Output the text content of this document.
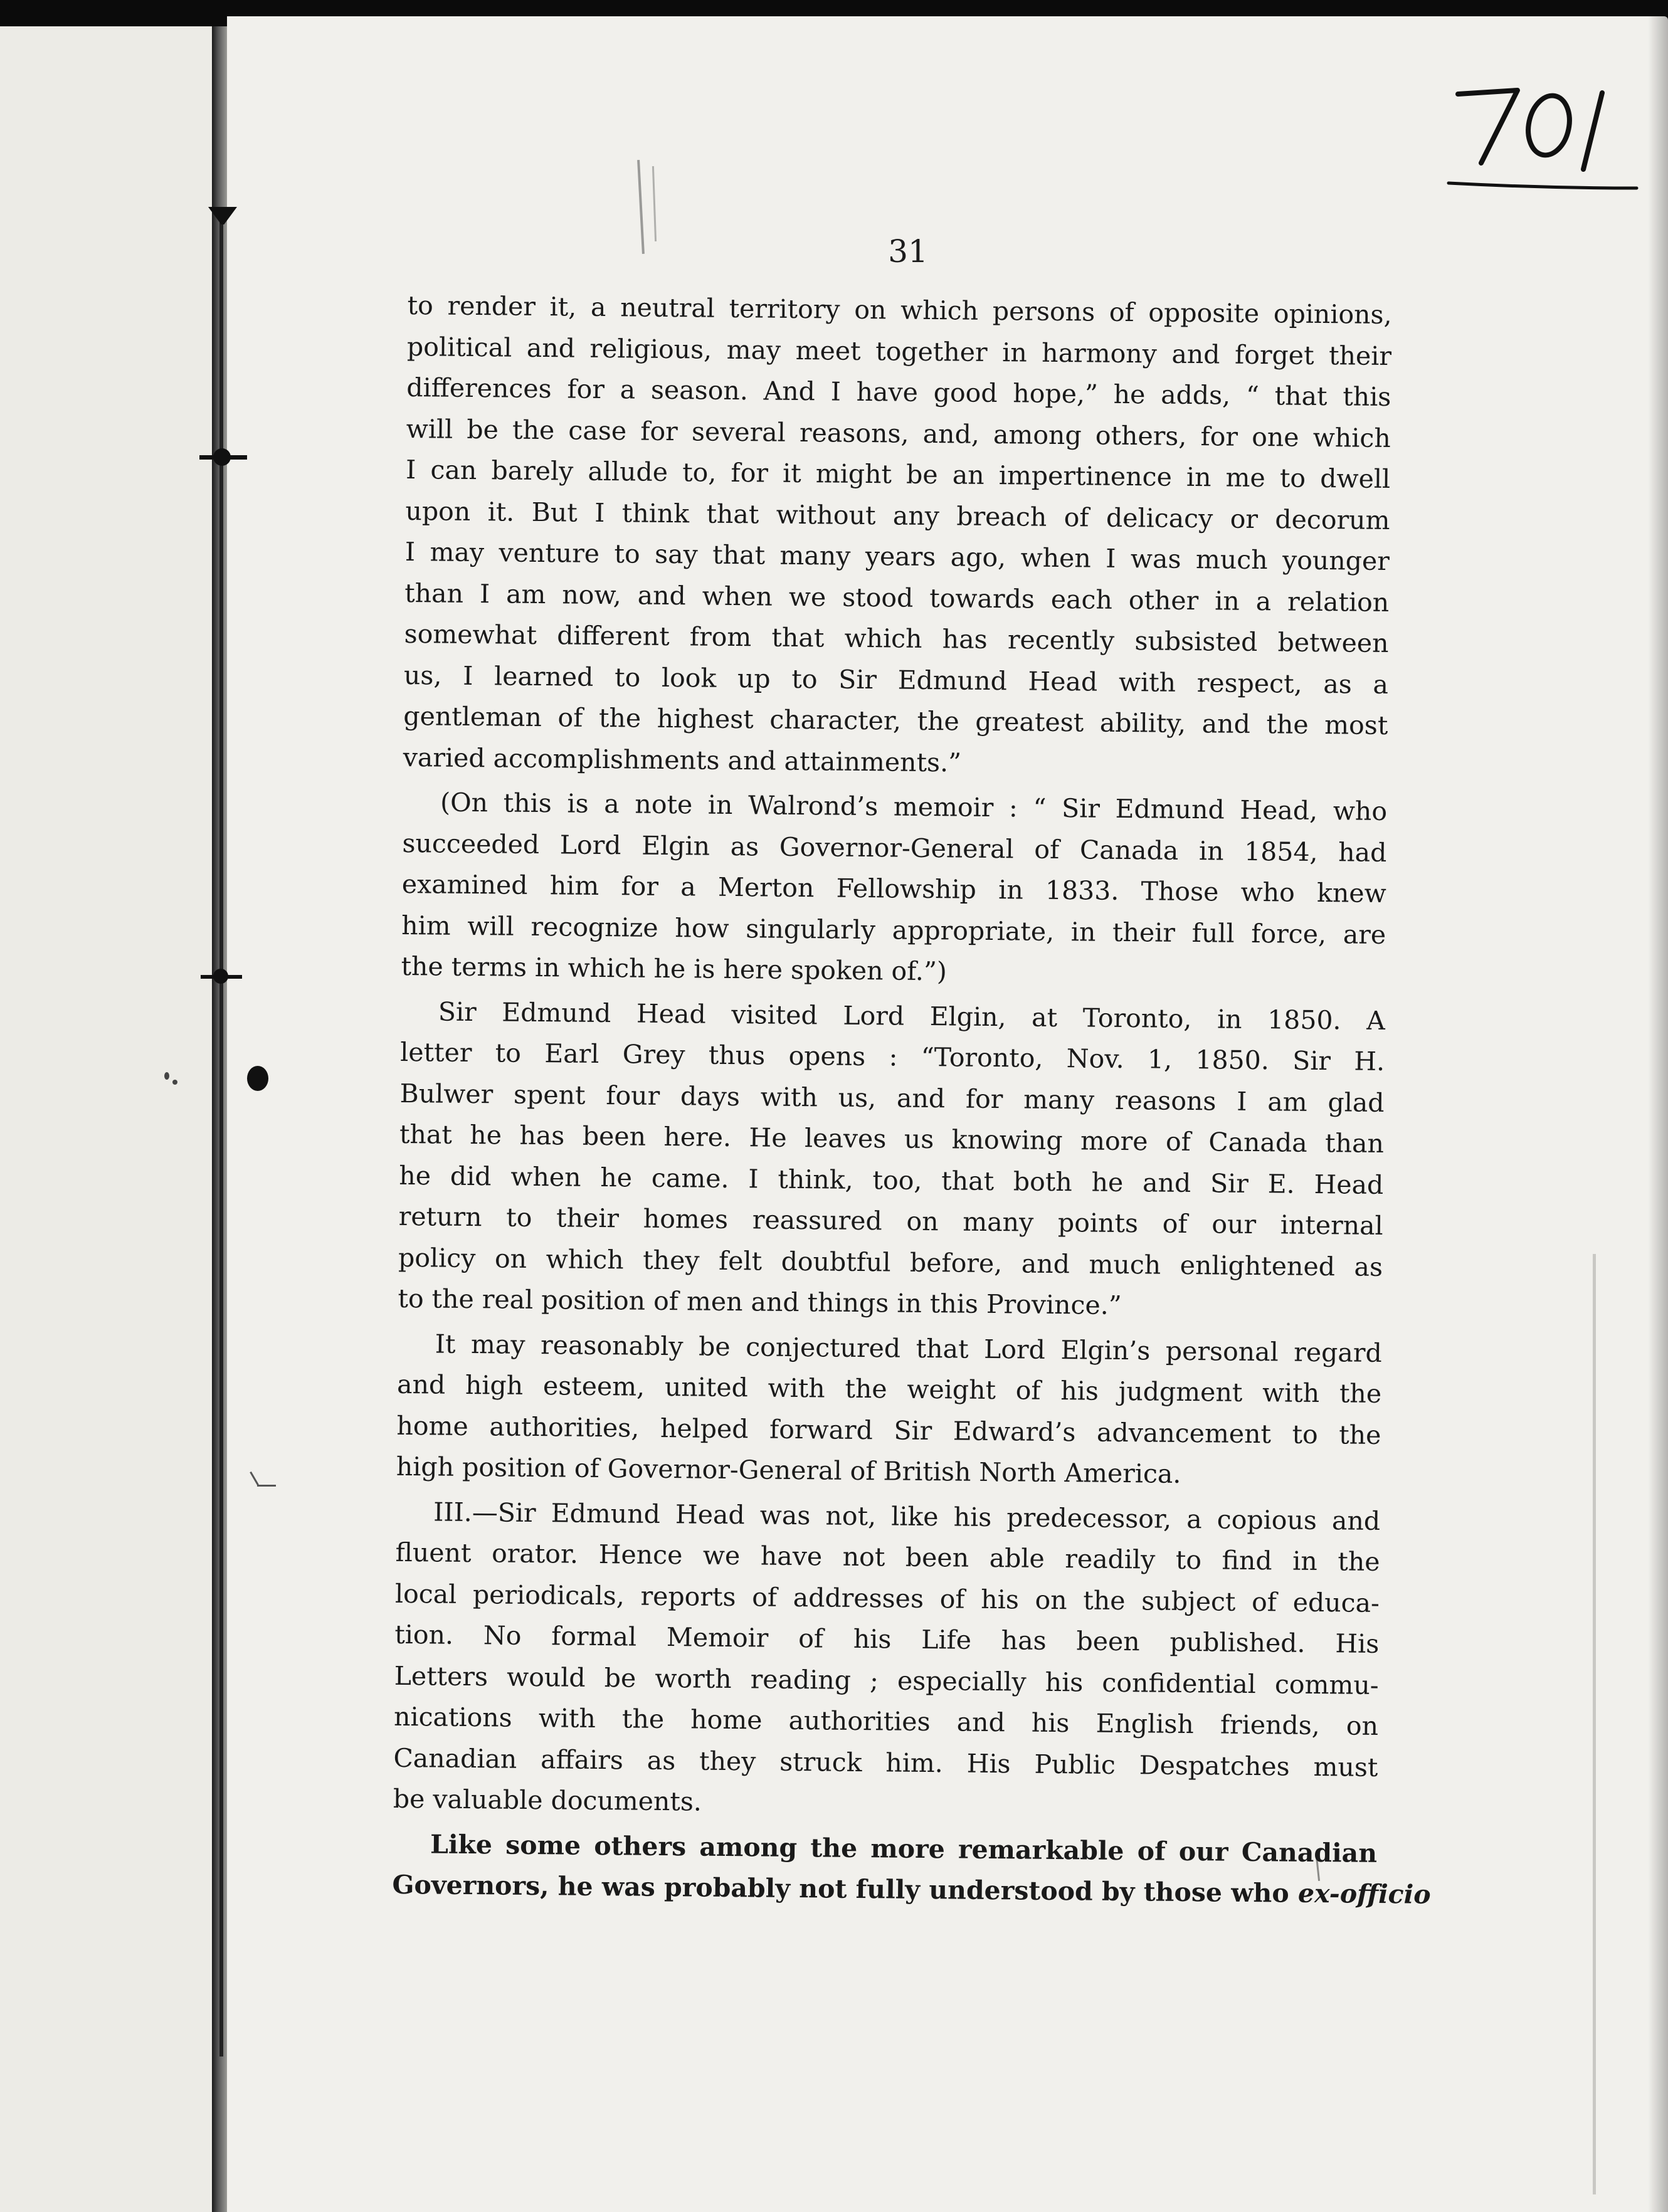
31

to render it, a neutral territory on which persons of opposite opinions,
political and religious, may meet together in harmony and forget their
differences for a season. And I have good hope,” he adds, “ that this
will be the case for several reasons, and, among others, for one which
I can barely allude to, for it might be an impertinence in me to dwell
upon it. But I think that without any breach of delicacy or decorum
I may venture to say that many years ago, when I was much younger
than I am now, and when we stood towards each other in a relation
somewhat different from that which has recently subsisted between
us, I learned to look up to Sir Edmund Head with respect, as a
gentleman of the highest character, the greatest ability, and the most
varied accomplishments and attainments.”

(On this is a note in Walrond’s memoir : “ Sir Edmund Head, who
succeeded Lord Elgin as Governor-General of Canada in 1854, had
examined him for a Merton Fellowship in 1833. Those who knew
him will recognize how singularly appropriate, in their full force, are
the terms in which he is here spoken of.”)

Sir Edmund Head visited Lord Elgin, at Toronto, in 1850. A
letter to Earl Grey thus opens : “Toronto, Nov. 1, 1850. Sir H.
Bulwer spent four days with us, and for many reasons I am glad
that he has been here. He leaves us knowing more of Canada than
he did when he came. I think, too, that both he and Sir E. Head
return to their homes reassured on many points of our internal
policy on which they felt doubtful before, and much enlightened as
to the real position of men and things in this Province.”

It may reasonably be conjectured that Lord Elgin’s personal regard
and high esteem, united with the weight of his judgment with the
home authorities, helped forward Sir Edward’s advancement to the
high position of Governor-General of British North America.

III.—Sir Edmund Head was not, like his predecessor, a copious and
fluent orator. Hence we have not been able readily to find in the
local periodicals, reports of addresses of his on the subject of educa-
tion. No formal Memoir of his Life has been published. His
Letters would be worth reading ; especially his confidential commu-
nications with the home authorities and his English friends, on
Canadian affairs as they struck him. His Public Despatches must
be valuable documents.

Like some others among the more remarkable of our Canadian
Governors, he was probably not fully understood by those who ex-officio
